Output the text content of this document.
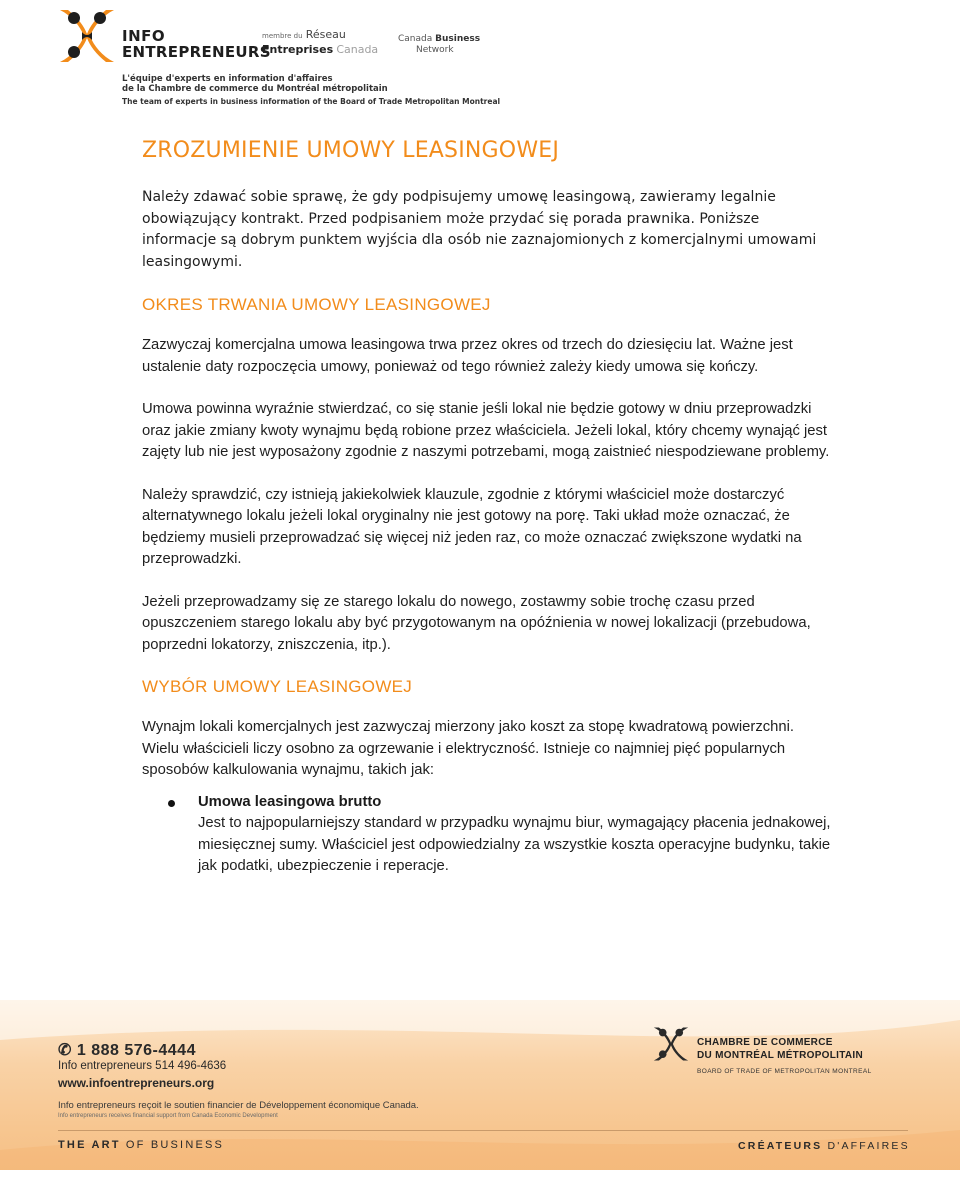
INFO
ENTREPRENEURS
membre du Réseau
Entreprises Canada
Canada Business
Network
L'équipe d'experts en information d'affaires
de la Chambre de commerce du Montréal métropolitain
The team of experts in business information of the Board of Trade Metropolitan Montreal
ZROZUMIENIE UMOWY LEASINGOWEJ

Należy zdawać sobie sprawę, że gdy podpisujemy umowę leasingową, zawieramy legalnie obowiązujący kontrakt. Przed podpisaniem może przydać się porada prawnika. Poniższe informacje są dobrym punktem wyjścia dla osób nie zaznajomionych z komercjalnymi umowami leasingowymi.

OKRES TRWANIA UMOWY LEASINGOWEJ

Zazwyczaj komercjalna umowa leasingowa trwa przez okres od trzech do dziesięciu lat. Ważne jest ustalenie daty rozpoczęcia umowy, ponieważ od tego również zależy kiedy umowa się kończy.

Umowa powinna wyraźnie stwierdzać, co się stanie jeśli lokal nie będzie gotowy w dniu przeprowadzki oraz jakie zmiany kwoty wynajmu będą robione przez właściciela. Jeżeli lokal, który chcemy wynająć jest zajęty lub nie jest wyposażony zgodnie z naszymi potrzebami, mogą zaistnieć niespodziewane problemy.

Należy sprawdzić, czy istnieją jakiekolwiek klauzule, zgodnie z którymi właściciel może dostarczyć alternatywnego lokalu jeżeli lokal oryginalny nie jest gotowy na porę. Taki układ może oznaczać, że będziemy musieli przeprowadzać się więcej niż jeden raz, co może oznaczać zwiększone wydatki na przeprowadzki.

Jeżeli przeprowadzamy się ze starego lokalu do nowego, zostawmy sobie trochę czasu przed opuszczeniem starego lokalu aby być przygotowanym na opóźnienia w nowej lokalizacji (przebudowa, poprzedni lokatorzy, zniszczenia, itp.).

WYBÓR UMOWY LEASINGOWEJ

Wynajm lokali komercjalnych jest zazwyczaj mierzony jako koszt za stopę kwadratową powierzchni. Wielu właścicieli liczy osobno za ogrzewanie i elektryczność. Istnieje co najmniej pięć popularnych sposobów kalkulowania wynajmu, takich jak:

Umowa leasingowa brutto
Jest to najpopularniejszy standard w przypadku wynajmu biur, wymagający płacenia jednakowej, miesięcznej sumy. Właściciel jest odpowiedzialny za wszystkie koszta operacyjne budynku, takie jak podatki, ubezpieczenie i reperacje.
✆ 1 888 576-4444
Info entrepreneurs 514 496-4636
www.infoentrepreneurs.org
Info entrepreneurs reçoit le soutien financier de Développement économique Canada.
Info entrepreneurs receives financial support from Canada Economic Development
THE ART OF BUSINESS
CHAMBRE DE COMMERCE
DU MONTRÉAL MÉTROPOLITAIN
BOARD OF TRADE OF METROPOLITAN MONTREAL
CRÉATEURS D'AFFAIRES
